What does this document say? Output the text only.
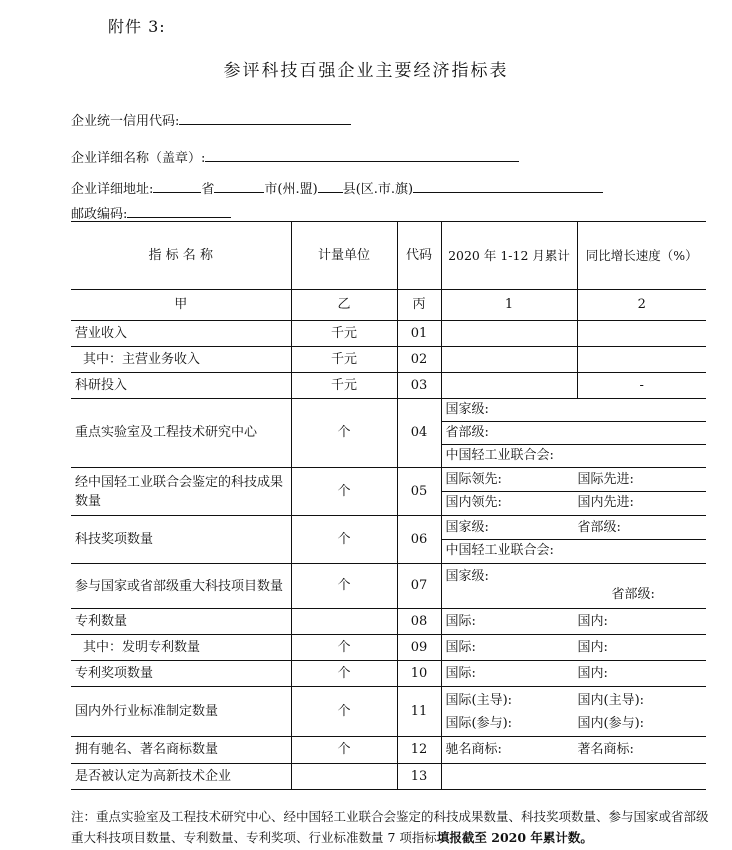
附件 3:
参评科技百强企业主要经济指标表
企业统一信用代码:
企业详细名称（盖章）:
企业详细地址:	省	市(州.盟) 县(区.市.旗)
邮政编码:
指 标 名 称	计量单位	代码	2020 年 1-12 月累计	同比增长速度（%）
甲	乙	丙	1	2
营业收入	千元	01		
其中：主营业务收入	千元	02		
科研投入	千元	03		-
重点实验室及工程技术研究中心	个	04	国家级:
省部级:
中国轻工业联合会:	

经中国轻工业联合会鉴定的科技成果数量	个	05	国际领先: 国际先进:
国内领先: 国内先进:	

科技奖项数量	个	06	国家级: 省部级:
中国轻工业联合会:	

参与国家或省部级重大科技项目数量	个	07	国家级:
省部级:	

专利数量		08	国际: 国内:	

其中：发明专利数量	个	09	国际: 国内:	

专利奖项数量	个	10	国际: 国内:	

国内外行业标准制定数量	个	11	国际(主导): 国内(主导):
国际(参与): 国内(参与):	

拥有驰名、著名商标数量	个	12	驰名商标: 著名商标:	

是否被认定为高新技术企业		13		
注：重点实验室及工程技术研究中心、经中国轻工业联合会鉴定的科技成果数量、科技奖项数量、参与国家或省部级重大科技项目数量、专利数量、专利奖项、行业标准数量 7 项指标填报截至 2020 年累计数。
